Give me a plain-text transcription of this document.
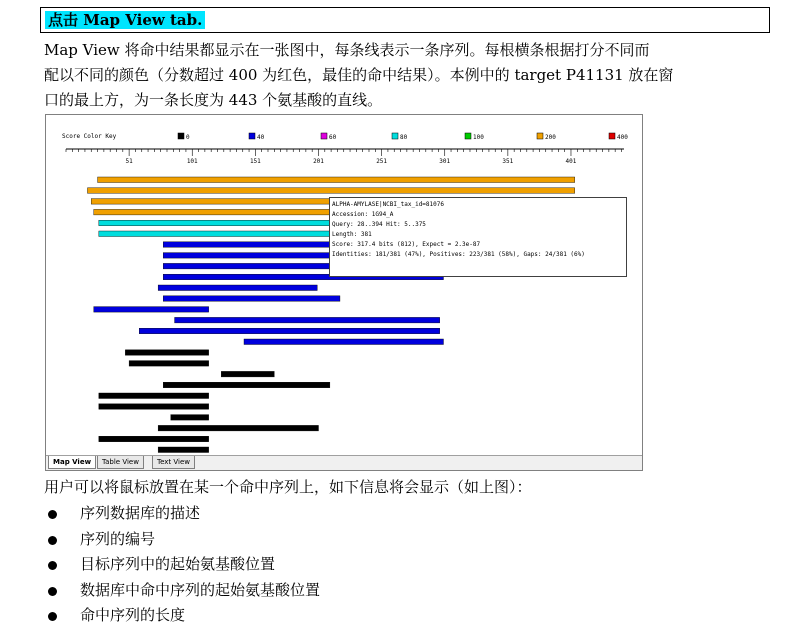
点击 Map View tab.
Map View 将命中结果都显示在一张图中，每条线表示一条序列。每根横条根据打分不同而
配以不同的颜色（分数超过 400 为红色，最佳的命中结果）。本例中的 target P41131 放在窗
口的最上方，为一条长度为 443 个氨基酸的直线。
Score Color Key	0	40	60	80	100	200	400
51	101	151	201	251	301	351	401
ALPHA-AMYLASE|NCBI_tax_id=81076
Accession: 1G94_A
Query: 28..394 Hit: 5..375
Length: 381
Score: 317.4 bits (812), Expect = 2.3e-87
Identities: 181/381 (47%), Positives: 223/381 (58%), Gaps: 24/381 (6%)
Map View	Table View	Text View

用户可以将鼠标放置在某一个命中序列上，如下信息将会显示（如上图）：

序列数据库的描述
序列的编号
目标序列中的起始氨基酸位置
数据库中命中序列的起始氨基酸位置
命中序列的长度
